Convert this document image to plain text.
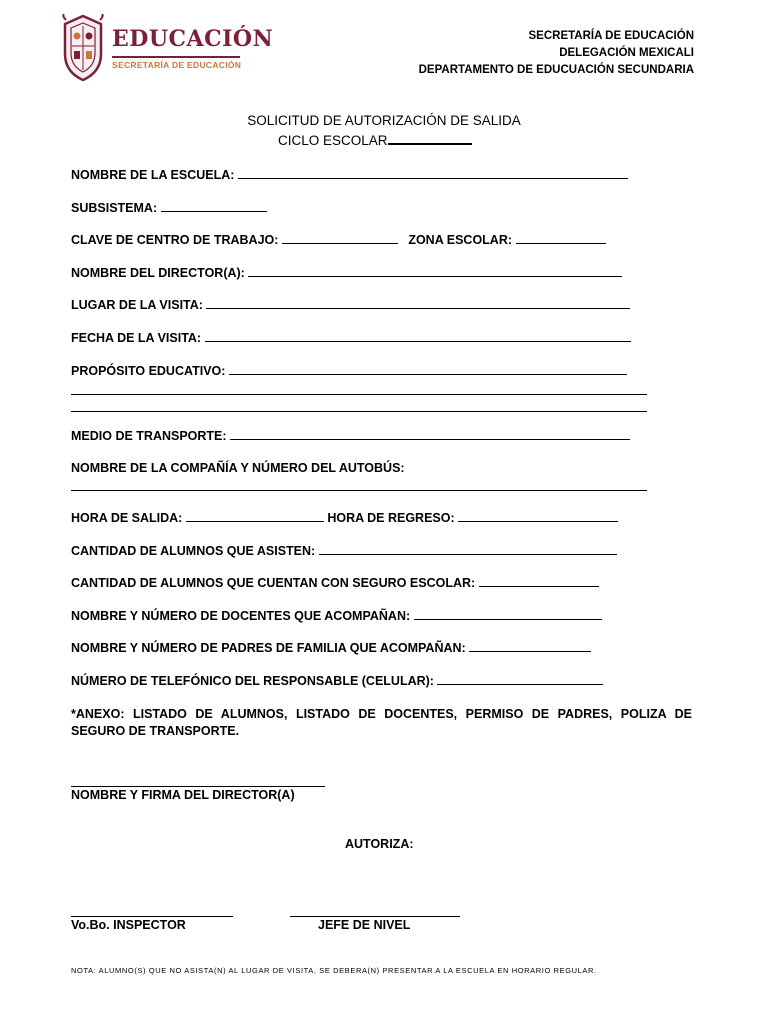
EDUCACIÓN
SECRETARÍA DE EDUCACIÓN
SECRETARÍA DE EDUCACIÓN
DELEGACIÓN MEXICALI
DEPARTAMENTO DE EDUCUACIÓN SECUNDARIA
SOLICITUD DE AUTORIZACIÓN DE SALIDA
CICLO ESCOLAR
NOMBRE DE LA ESCUELA:
SUBSISTEMA:
CLAVE DE CENTRO DE TRABAJO:	ZONA ESCOLAR:
NOMBRE DEL DIRECTOR(A):
LUGAR DE LA VISITA:
FECHA DE LA VISITA:
PROPÓSITO EDUCATIVO:
MEDIO DE TRANSPORTE:
NOMBRE DE LA COMPAÑÍA Y NÚMERO DEL AUTOBÚS:
HORA DE SALIDA:	HORA DE REGRESO:
CANTIDAD DE ALUMNOS QUE ASISTEN:
CANTIDAD DE ALUMNOS QUE CUENTAN CON SEGURO ESCOLAR:
NOMBRE Y NÚMERO DE DOCENTES QUE ACOMPAÑAN:
NOMBRE Y NÚMERO DE PADRES DE FAMILIA QUE ACOMPAÑAN:
NÚMERO DE TELEFÓNICO DEL RESPONSABLE (CELULAR):
*ANEXO: LISTADO DE ALUMNOS, LISTADO DE DOCENTES, PERMISO DE PADRES, POLIZA DE SEGURO DE TRANSPORTE.
NOMBRE Y FIRMA DEL DIRECTOR(A)
AUTORIZA:
Vo.Bo. INSPECTOR	JEFE DE NIVEL
NOTA: ALUMNO(S) QUE NO ASISTA(N) AL LUGAR DE VISITA, SE DEBERA(N) PRESENTAR A LA ESCUELA EN HORARIO REGULAR.
